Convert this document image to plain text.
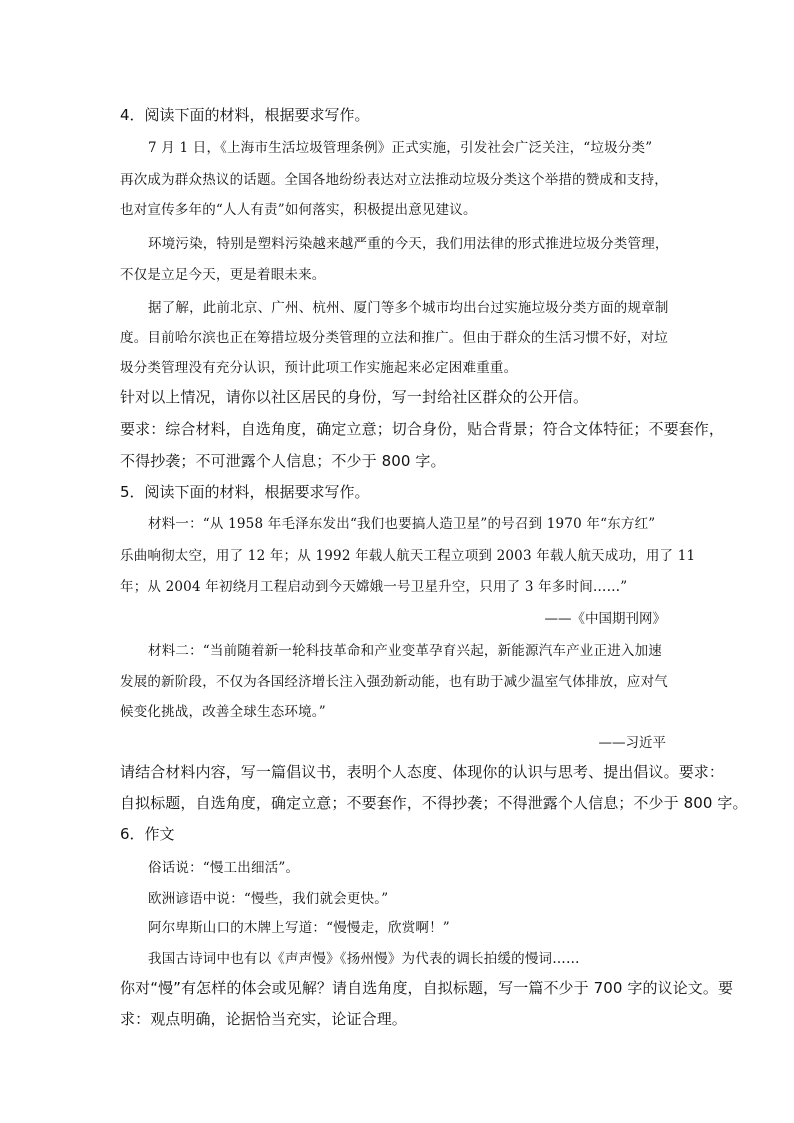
4．阅读下面的材料，根据要求写作。
7 月 1 日，《上海市生活垃圾管理条例》正式实施，引发社会广泛关注，“垃圾分类”
再次成为群众热议的话题。全国各地纷纷表达对立法推动垃圾分类这个举措的赞成和支持，
也对宣传多年的“人人有责”如何落实，积极提出意见建议。
环境污染，特别是塑料污染越来越严重的今天，我们用法律的形式推进垃圾分类管理，
不仅是立足今天，更是着眼未来。
据了解，此前北京、广州、杭州、厦门等多个城市均出台过实施垃圾分类方面的规章制
度。目前哈尔滨也正在筹措垃圾分类管理的立法和推广。但由于群众的生活习惯不好，对垃
圾分类管理没有充分认识，预计此项工作实施起来必定困难重重。
针对以上情况，请你以社区居民的身份，写一封给社区群众的公开信。
要求：综合材料，自选角度，确定立意；切合身份，贴合背景；符合文体特征；不要套作，
不得抄袭；不可泄露个人信息；不少于 800 字。
5．阅读下面的材料，根据要求写作。
材料一：“从 1958 年毛泽东发出“我们也要搞人造卫星”的号召到 1970 年“东方红”
乐曲响彻太空，用了 12 年；从 1992 年载人航天工程立项到 2003 年载人航天成功，用了 11
年；从 2004 年初绕月工程启动到今天嫦娥一号卫星升空，只用了 3 年多时间……”
——《中国期刊网》
材料二：“当前随着新一轮科技革命和产业变革孕育兴起，新能源汽车产业正进入加速
发展的新阶段，不仅为各国经济增长注入强劲新动能，也有助于减少温室气体排放，应对气
候变化挑战，改善全球生态环境。”
——习近平
请结合材料内容，写一篇倡议书，表明个人态度、体现你的认识与思考、提出倡议。要求：
自拟标题，自选角度，确定立意；不要套作，不得抄袭；不得泄露个人信息；不少于 800 字。
6．作文
俗话说：“慢工出细活”。
欧洲谚语中说：“慢些，我们就会更快。”
阿尔卑斯山口的木牌上写道：“慢慢走，欣赏啊！”
我国古诗词中也有以《声声慢》《扬州慢》为代表的调长拍缓的慢词……
你对“慢”有怎样的体会或见解？请自选角度，自拟标题，写一篇不少于 700 字的议论文。要
求：观点明确，论据恰当充实，论证合理。
